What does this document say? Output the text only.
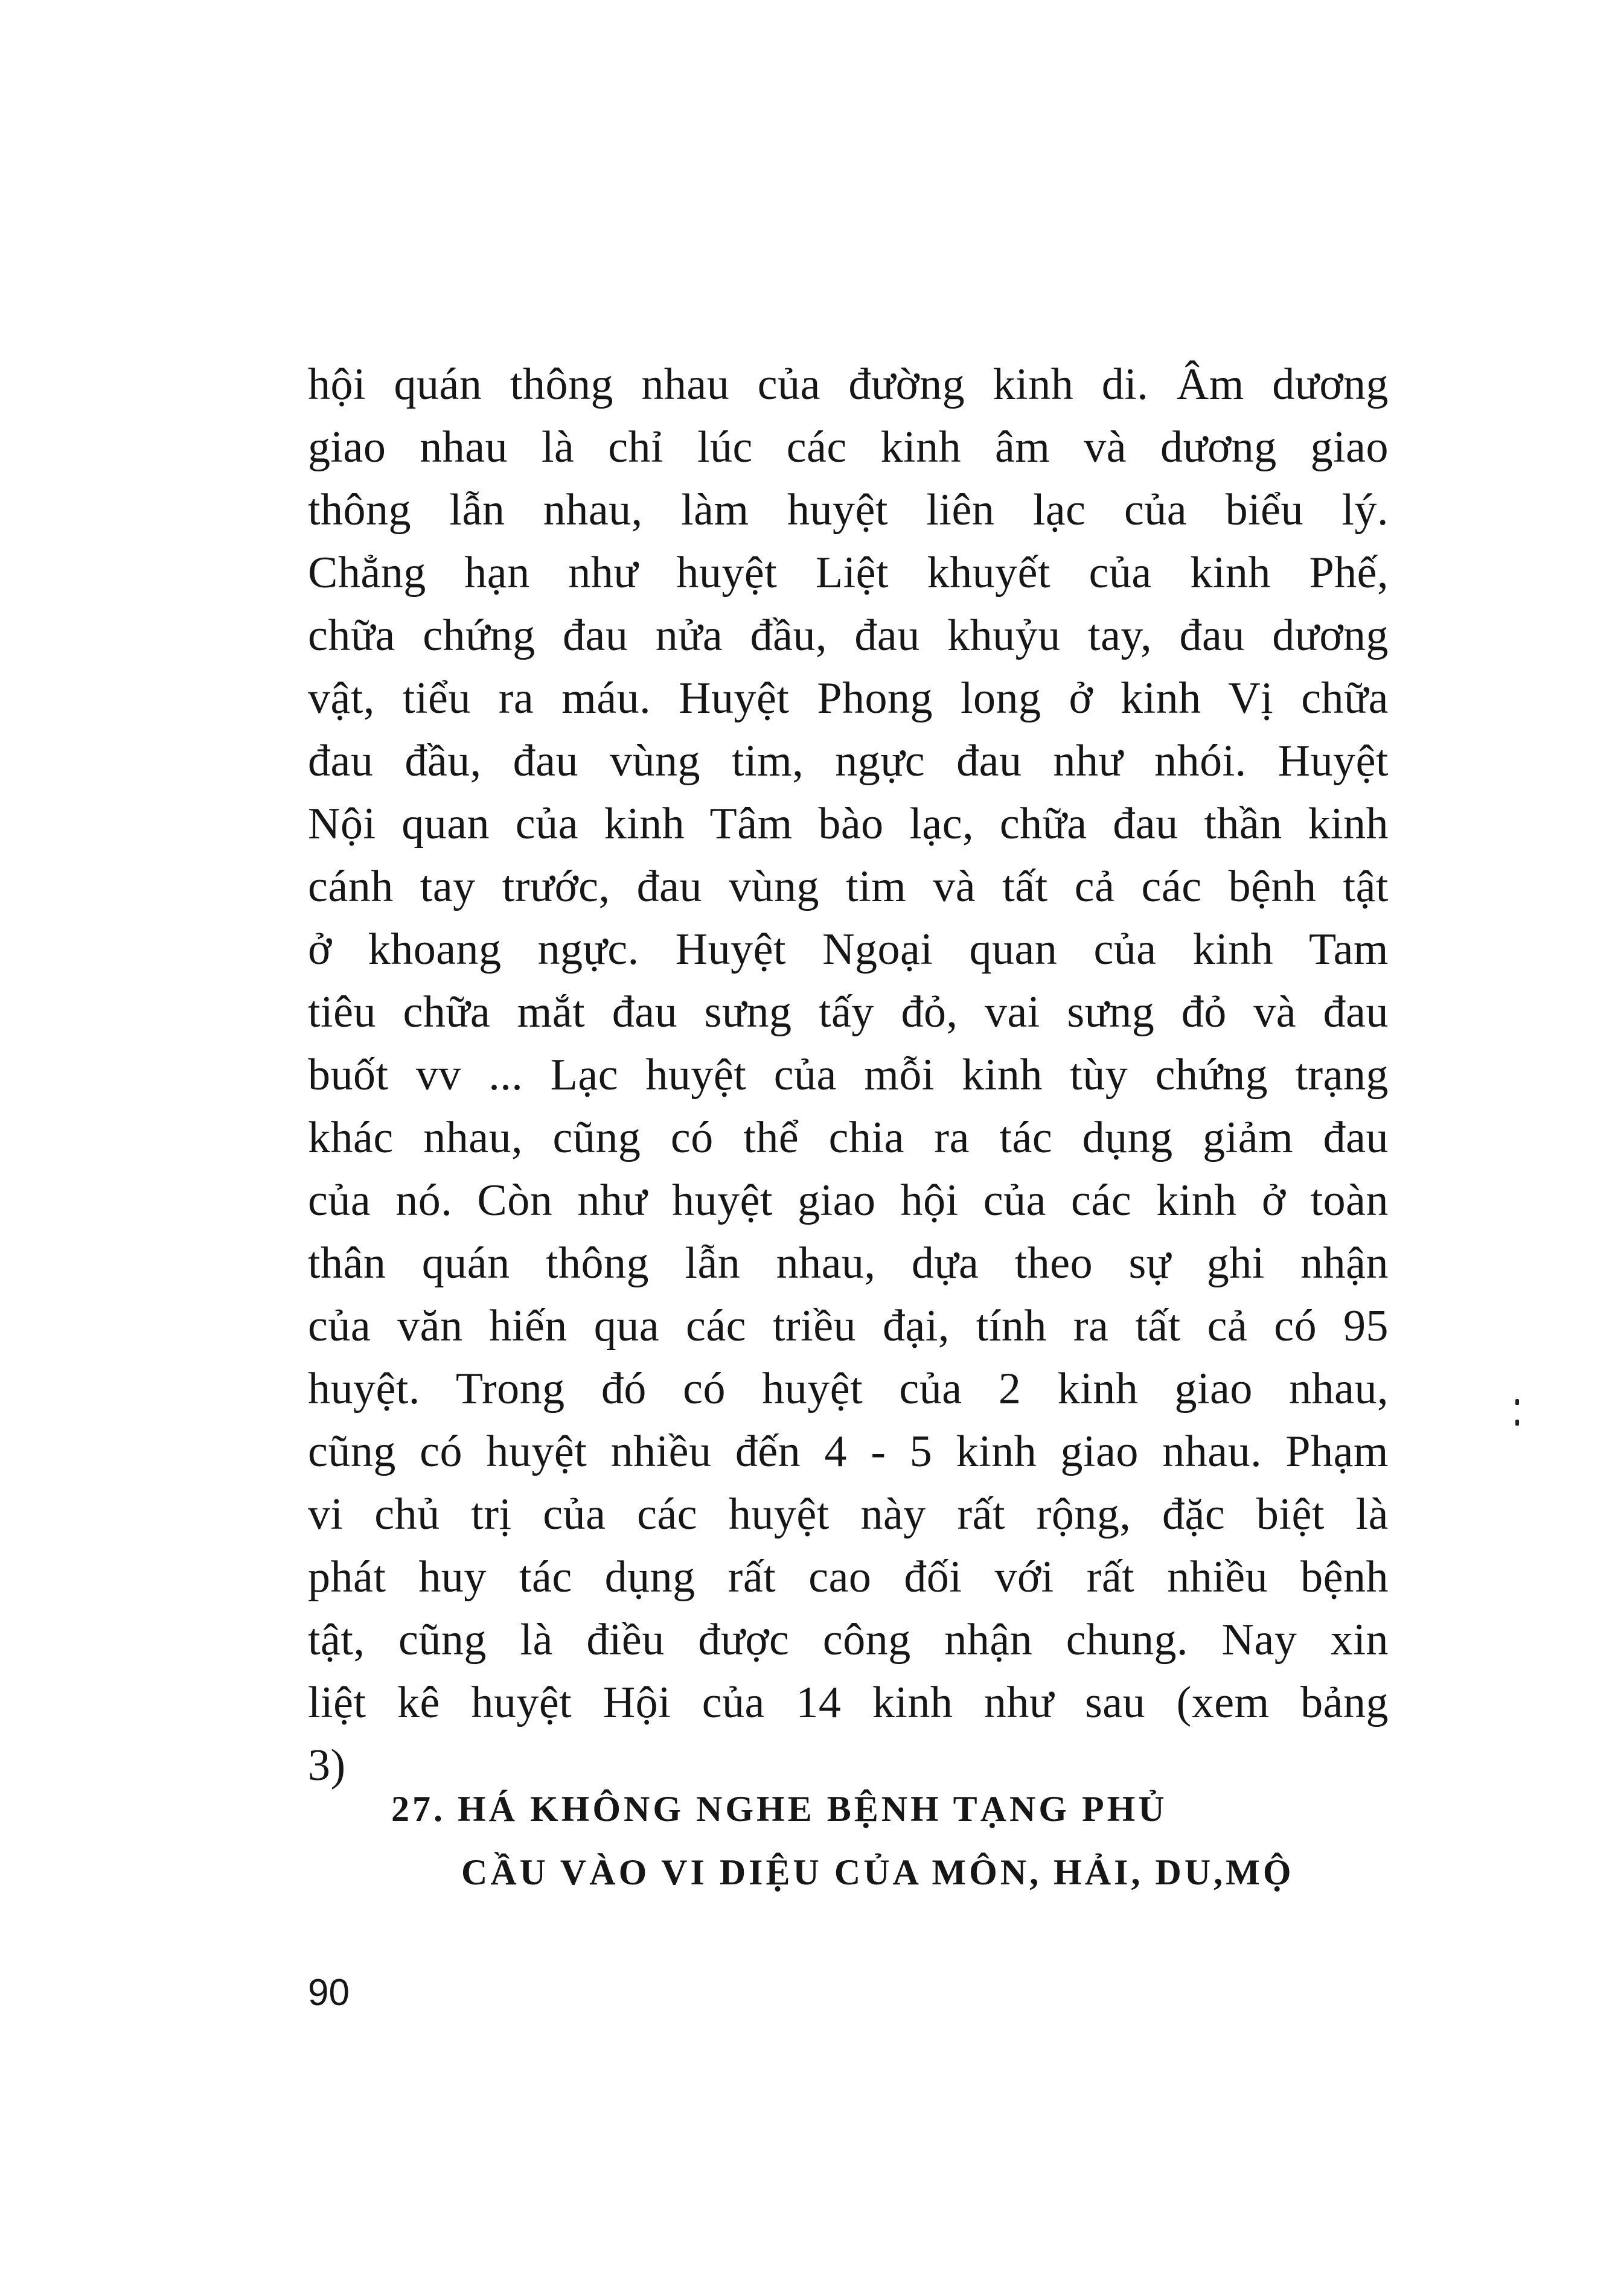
hội quán thông nhau của đường kinh di. Âm dương
giao nhau là chỉ lúc các kinh âm và dương giao
thông lẫn nhau, làm huyệt liên lạc của biểu lý.
Chẳng hạn như huyệt Liệt khuyết của kinh Phế,
chữa chứng đau nửa đầu, đau khuỷu tay, đau dương
vật, tiểu ra máu. Huyệt Phong long ở kinh Vị chữa
đau đầu, đau vùng tim, ngực đau như nhói. Huyệt
Nội quan của kinh Tâm bào lạc, chữa đau thần kinh
cánh tay trước, đau vùng tim và tất cả các bệnh tật
ở khoang ngực. Huyệt Ngoại quan của kinh Tam
tiêu chữa mắt đau sưng tấy đỏ, vai sưng đỏ và đau
buốt vv ... Lạc huyệt của mỗi kinh tùy chứng trạng
khác nhau, cũng có thể chia ra tác dụng giảm đau
của nó. Còn như huyệt giao hội của các kinh ở toàn
thân quán thông lẫn nhau, dựa theo sự ghi nhận
của văn hiến qua các triều đại, tính ra tất cả có 95
huyệt. Trong đó có huyệt của 2 kinh giao nhau,
cũng có huyệt nhiều đến 4 - 5 kinh giao nhau. Phạm
vi chủ trị của các huyệt này rất rộng, đặc biệt là
phát huy tác dụng rất cao đối với rất nhiều bệnh
tật, cũng là điều được công nhận chung. Nay xin
liệt kê huyệt Hội của 14 kinh như sau (xem bảng
3)
27. HÁ KHÔNG NGHE BỆNH TẠNG PHỦ
CẦU VÀO VI DIỆU CỦA MÔN, HẢI, DU,MỘ
90
